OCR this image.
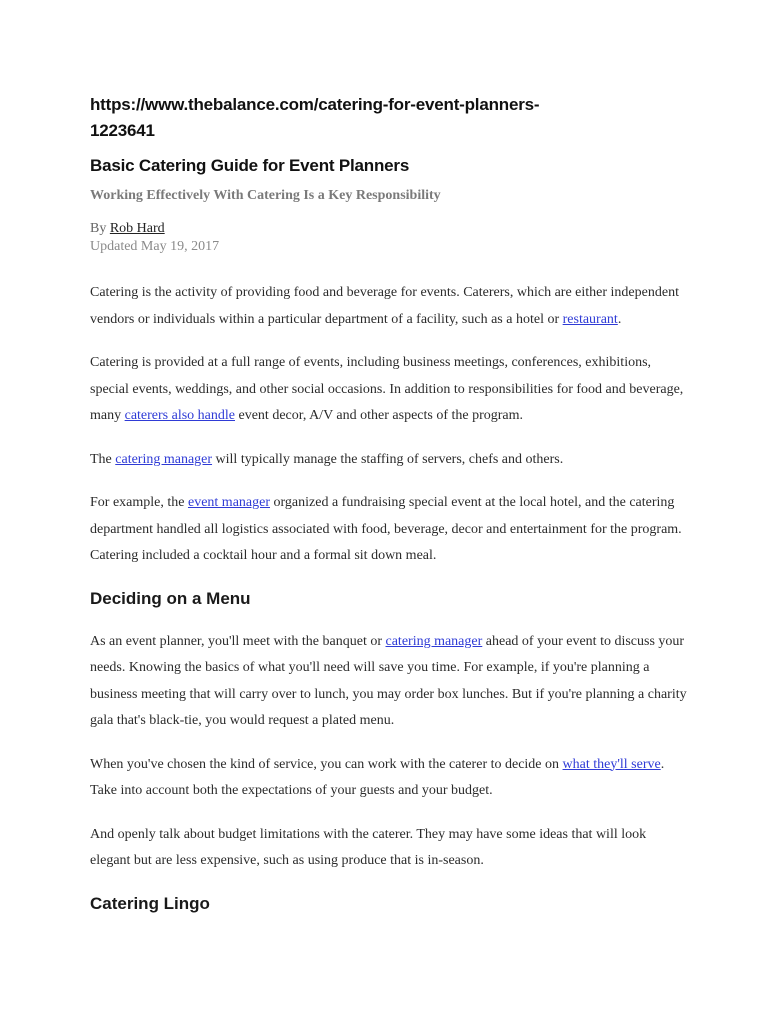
https://www.thebalance.com/catering-for-event-planners-
1223641
Basic Catering Guide for Event Planners
Working Effectively With Catering Is a Key Responsibility

By Rob Hard

Updated May 19, 2017

Catering is the activity of providing food and beverage for events. Caterers, which are either independent vendors or individuals within a particular department of a facility, such as a hotel or restaurant.

Catering is provided at a full range of events, including business meetings, conferences, exhibitions, special events, weddings, and other social occasions. In addition to responsibilities for food and beverage, many caterers also handle event decor, A/V and other aspects of the program.

The catering manager will typically manage the staffing of servers, chefs and others.

For example, the event manager organized a fundraising special event at the local hotel, and the catering department handled all logistics associated with food, beverage, decor and entertainment for the program. Catering included a cocktail hour and a formal sit down meal.

Deciding on a Menu

As an event planner, you'll meet with the banquet or catering manager ahead of your event to discuss your needs. Knowing the basics of what you'll need will save you time. For example, if you're planning a business meeting that will carry over to lunch, you may order box lunches. But if you're planning a charity gala that's black-tie, you would request a plated menu.

When you've chosen the kind of service, you can work with the caterer to decide on what they'll serve. Take into account both the expectations of your guests and your budget.

And openly talk about budget limitations with the caterer. They may have some ideas that will look elegant but are less expensive, such as using produce that is in-season.

Catering Lingo
